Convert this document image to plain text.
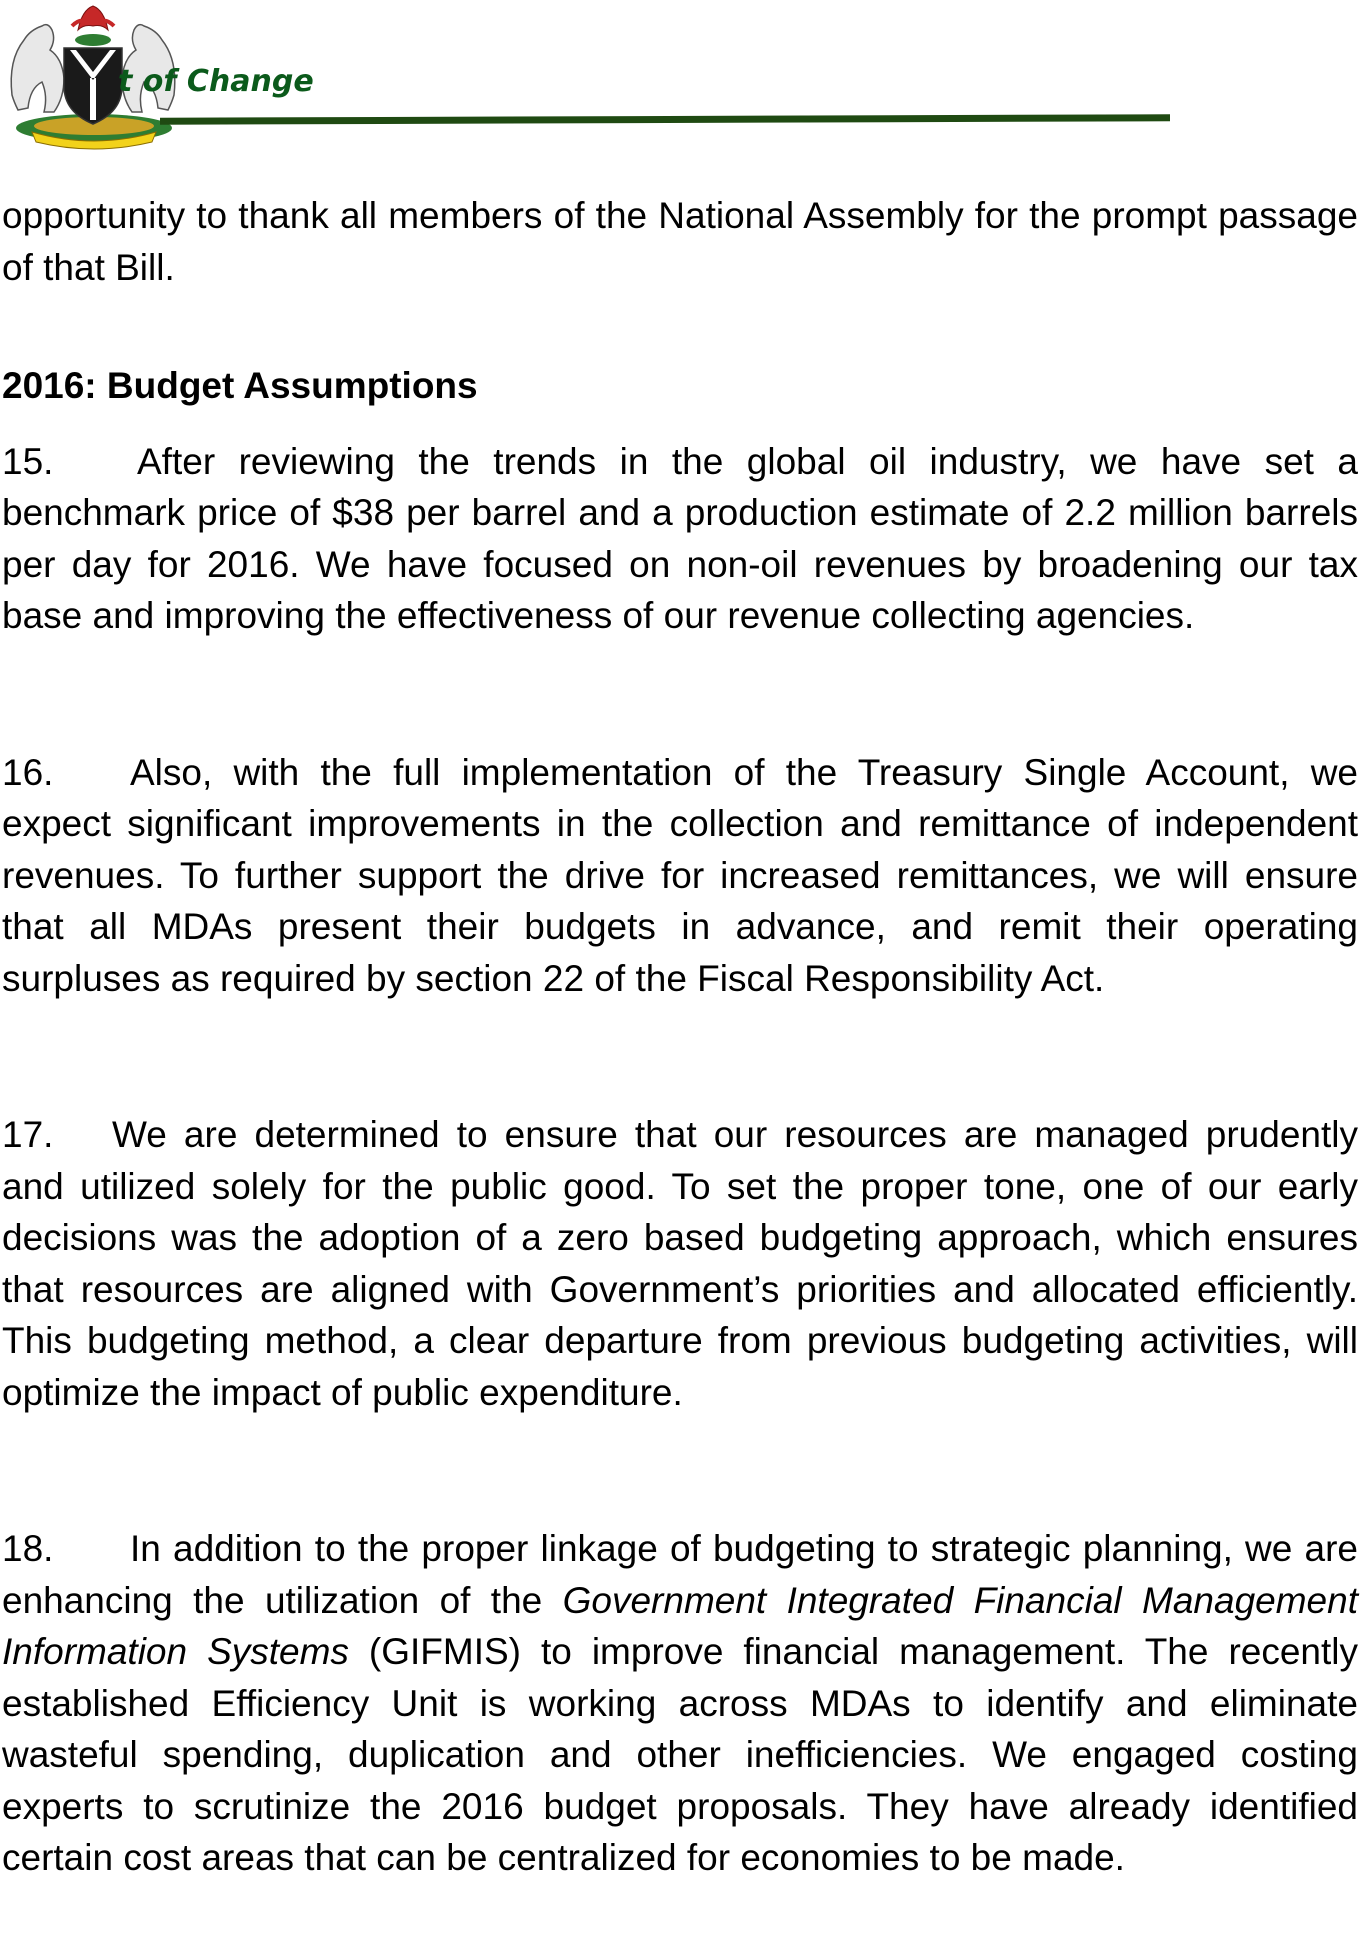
t of Change

opportunity to thank all members of the National Assembly for the prompt passage of that Bill.

2016: Budget Assumptions

15. After reviewing the trends in the global oil industry, we have set a benchmark price of $38 per barrel and a production estimate of 2.2 million barrels per day for 2016. We have focused on non-oil revenues by broadening our tax base and improving the effectiveness of our revenue collecting agencies.

16. Also, with the full implementation of the Treasury Single Account, we expect significant improvements in the collection and remittance of independent revenues. To further support the drive for increased remittances, we will ensure that all MDAs present their budgets in advance, and remit their operating surpluses as required by section 22 of the Fiscal Responsibility Act.

17. We are determined to ensure that our resources are managed prudently and utilized solely for the public good. To set the proper tone, one of our early decisions was the adoption of a zero based budgeting approach, which ensures that resources are aligned with Government’s priorities and allocated efficiently. This budgeting method, a clear departure from previous budgeting activities, will optimize the impact of public expenditure.

18. In addition to the proper linkage of budgeting to strategic planning, we are enhancing the utilization of the Government Integrated Financial Management Information Systems (GIFMIS) to improve financial management. The recently established Efficiency Unit is working across MDAs to identify and eliminate wasteful spending, duplication and other inefficiencies. We engaged costing experts to scrutinize the 2016 budget proposals. They have already identified certain cost areas that can be centralized for economies to be made.
